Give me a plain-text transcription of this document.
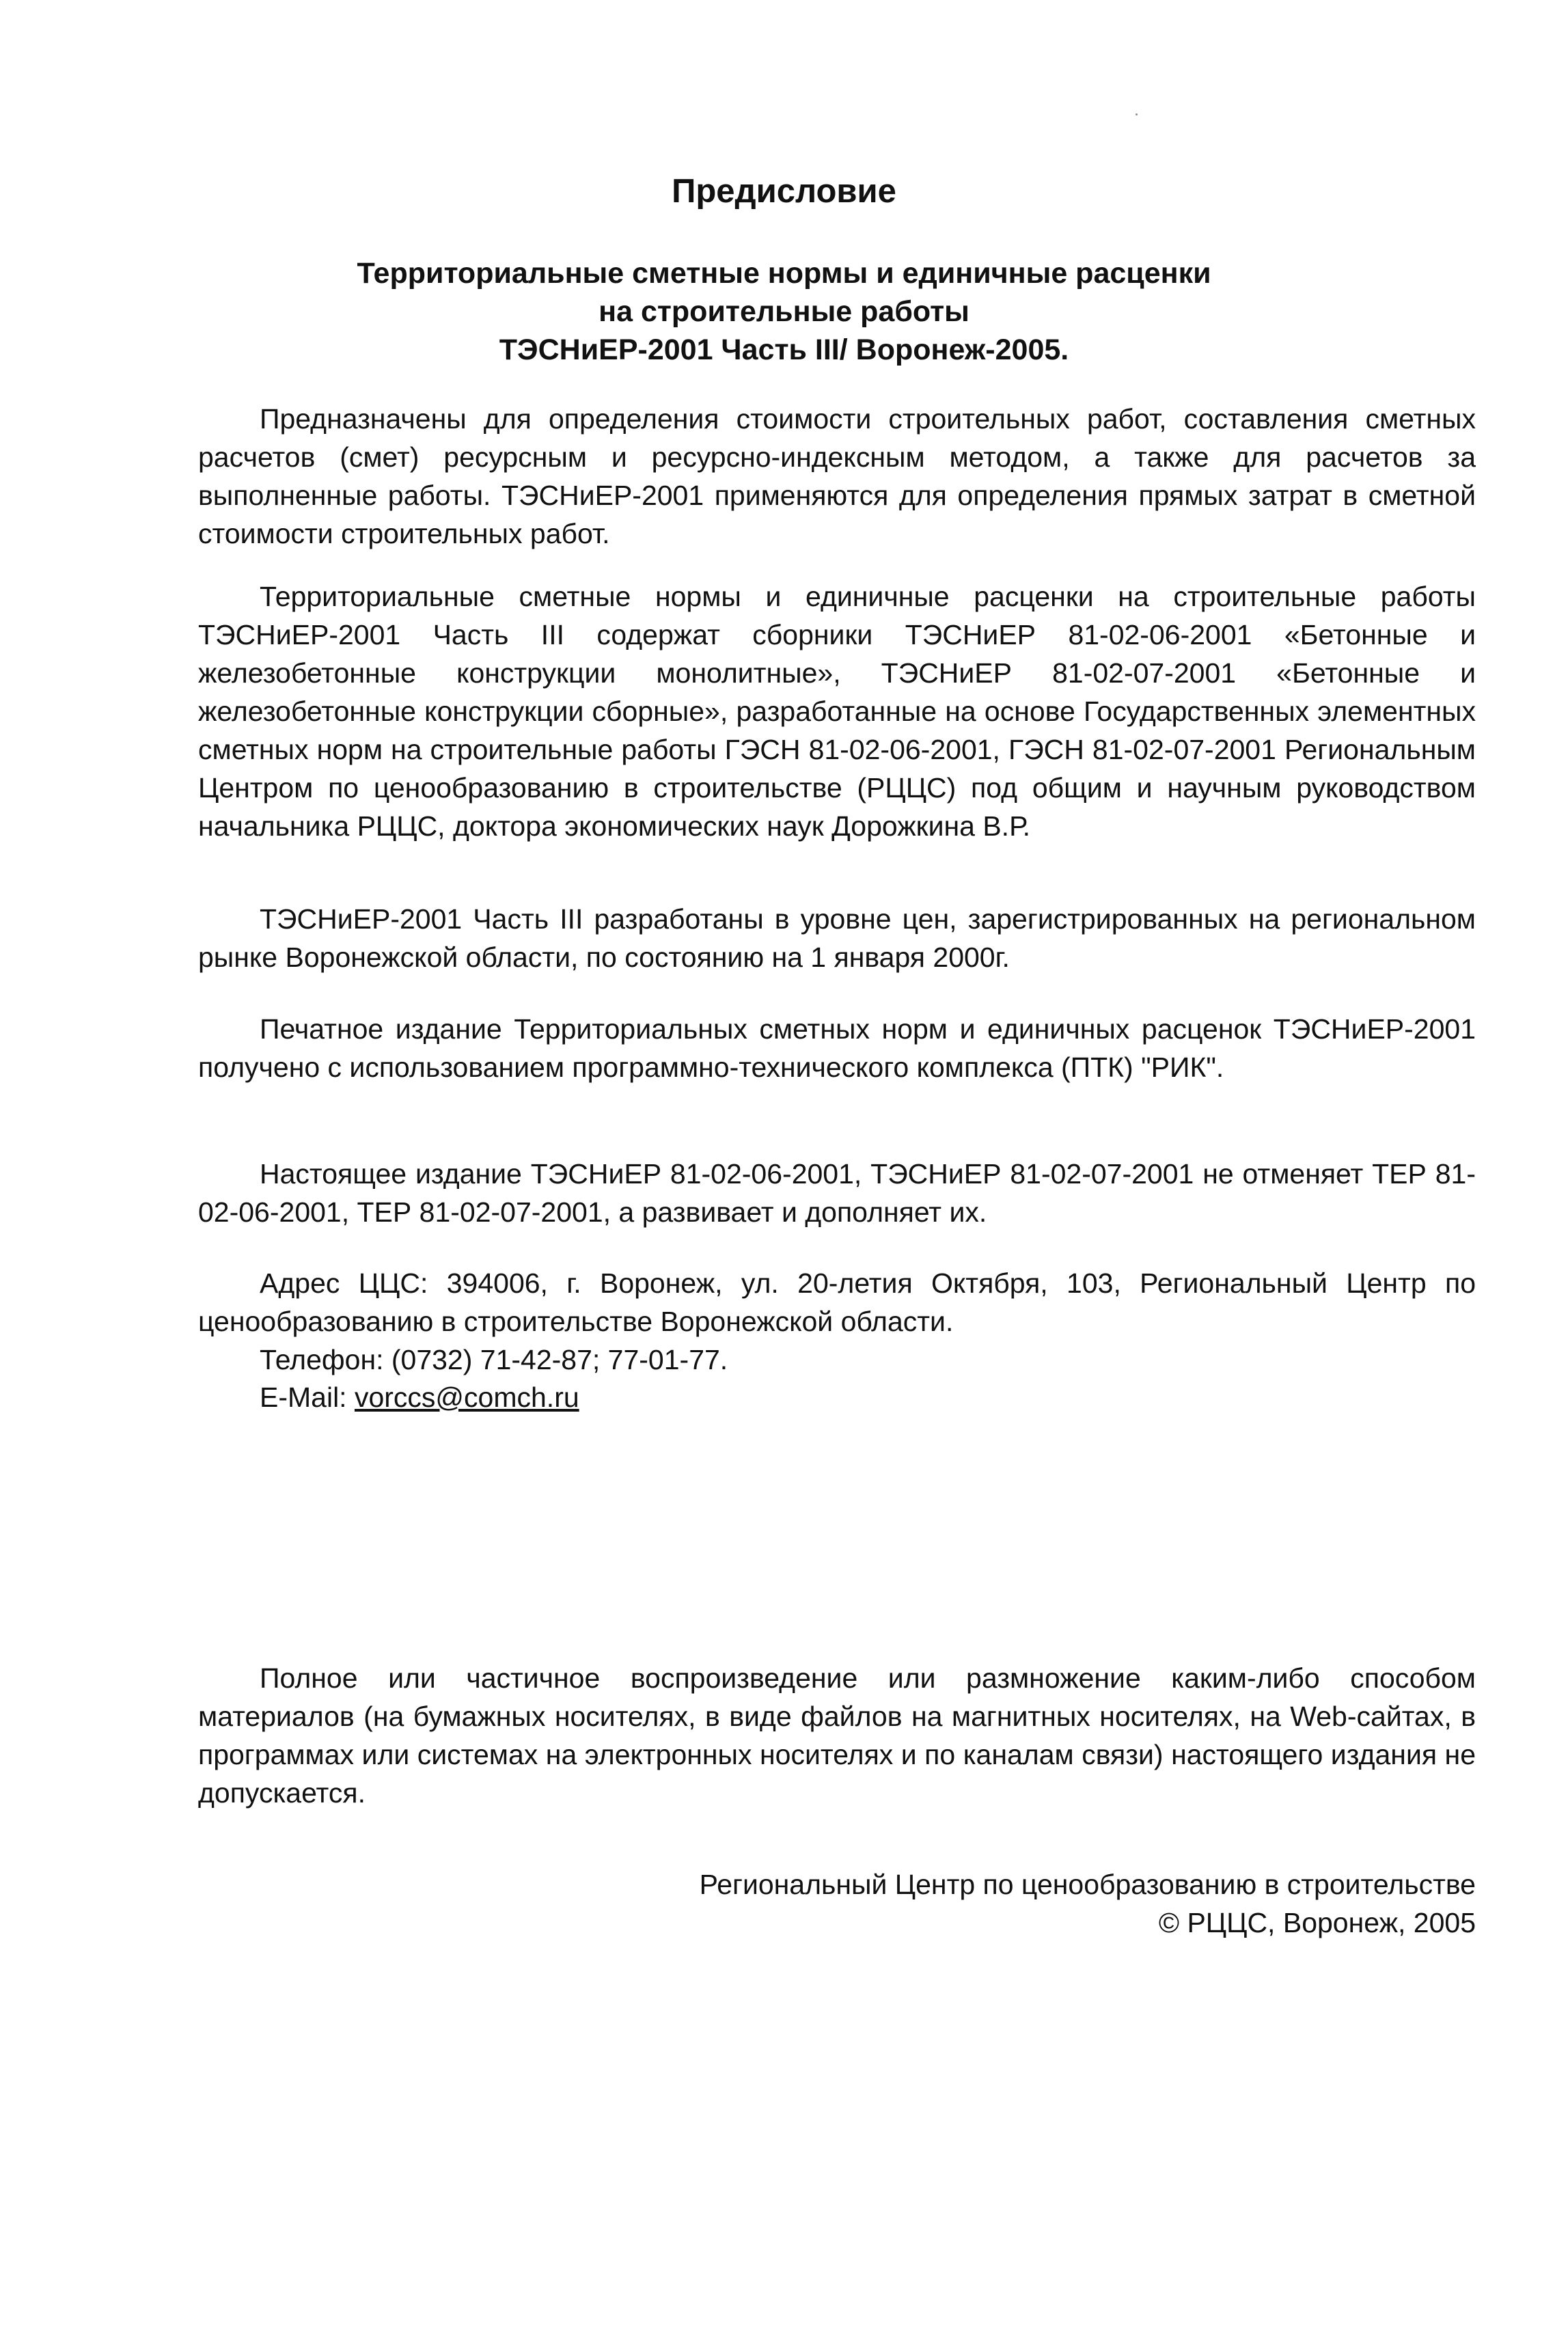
Предисловие
Территориальные сметные нормы и единичные расценки
на строительные работы
ТЭСНиЕР-2001 Часть III/ Воронеж-2005.

Предназначены для определения стоимости строительных работ, составления сметных расчетов (смет) ресурсным и ресурсно-индексным методом, а также для расчетов за выполненные работы. ТЭСНиЕР-2001 применяются для определения прямых затрат в сметной стоимости строительных работ.

Территориальные сметные нормы и единичные расценки на строительные работы ТЭСНиЕР-2001 Часть III содержат сборники ТЭСНиЕР 81-02-06-2001 «Бетонные и железобетонные конструкции монолитные», ТЭСНиЕР 81-02-07-2001 «Бетонные и железобетонные конструкции сборные», разработанные на основе Государственных элементных сметных норм на строительные работы ГЭСН 81-02-06-2001, ГЭСН 81-02-07-2001 Региональным Центром по ценообразованию в строительстве (РЦЦС) под общим и научным руководством начальника РЦЦС, доктора экономических наук Дорожкина В.Р.

ТЭСНиЕР-2001 Часть III разработаны в уровне цен, зарегистрированных на региональном рынке Воронежской области, по состоянию на 1 января 2000г.

Печатное издание Территориальных сметных норм и единичных расценок ТЭСНиЕР-2001 получено с использованием программно-технического комплекса (ПТК) "РИК".

Настоящее издание ТЭСНиЕР 81-02-06-2001, ТЭСНиЕР 81-02-07-2001 не отменяет ТЕР 81-02-06-2001, ТЕР 81-02-07-2001, а развивает и дополняет их.

Адрес ЦЦС: 394006, г. Воронеж, ул. 20-летия Октября, 103, Региональный Центр по ценообразованию в строительстве Воронежской области.

Телефон: (0732) 71-42-87; 77-01-77.
E-Mail: vorccs@comch.ru

Полное или частичное воспроизведение или размножение каким-либо способом материалов (на бумажных носителях, в виде файлов на магнитных носителях, на Web-сайтах, в программах или системах на электронных носителях и по каналам связи) настоящего издания не допускается.

Региональный Центр по ценообразованию в строительстве
© РЦЦС, Воронеж, 2005
